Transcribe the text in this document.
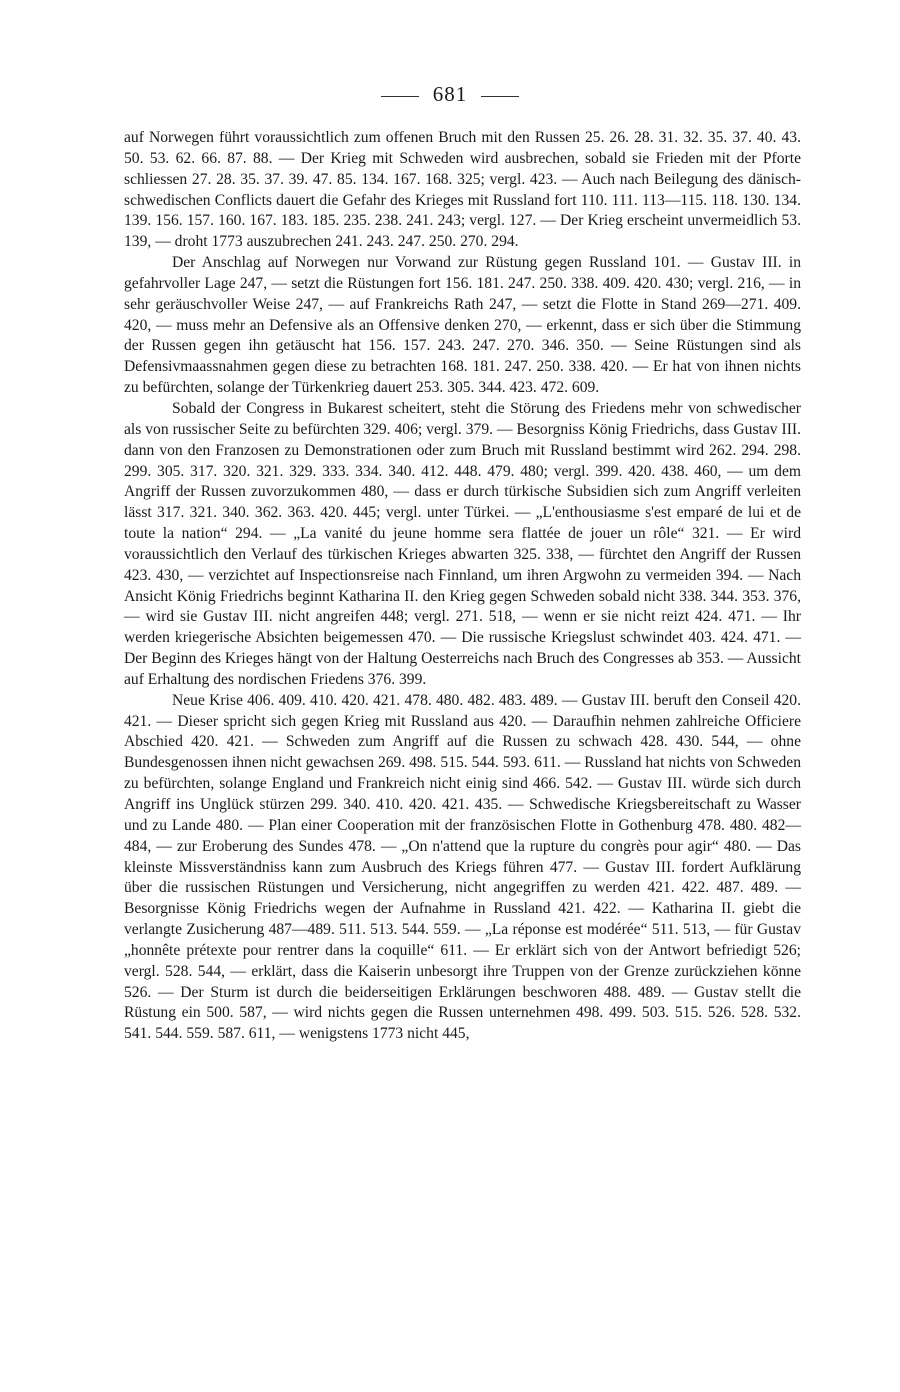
681

auf Norwegen führt voraussichtlich zum offenen Bruch mit den Russen 25. 26. 28. 31. 32. 35. 37. 40. 43. 50. 53. 62. 66. 87. 88. — Der Krieg mit Schweden wird ausbrechen, sobald sie Frieden mit der Pforte schliessen 27. 28. 35. 37. 39. 47. 85. 134. 167. 168. 325; vergl. 423. — Auch nach Beilegung des dänisch-schwedischen Conflicts dauert die Gefahr des Krieges mit Russland fort 110. 111. 113—115. 118. 130. 134. 139. 156. 157. 160. 167. 183. 185. 235. 238. 241. 243; vergl. 127. — Der Krieg erscheint unvermeidlich 53. 139, — droht 1773 auszubrechen 241. 243. 247. 250. 270. 294.

Der Anschlag auf Norwegen nur Vorwand zur Rüstung gegen Russland 101. — Gustav III. in gefahrvoller Lage 247, — setzt die Rüstungen fort 156. 181. 247. 250. 338. 409. 420. 430; vergl. 216, — in sehr geräuschvoller Weise 247, — auf Frankreichs Rath 247, — setzt die Flotte in Stand 269—271. 409. 420, — muss mehr an Defensive als an Offensive denken 270, — erkennt, dass er sich über die Stimmung der Russen gegen ihn getäuscht hat 156. 157. 243. 247. 270. 346. 350. — Seine Rüstungen sind als Defensivmaassnahmen gegen diese zu betrachten 168. 181. 247. 250. 338. 420. — Er hat von ihnen nichts zu befürchten, solange der Türkenkrieg dauert 253. 305. 344. 423. 472. 609.

Sobald der Congress in Bukarest scheitert, steht die Störung des Friedens mehr von schwedischer als von russischer Seite zu befürchten 329. 406; vergl. 379. — Besorgniss König Friedrichs, dass Gustav III. dann von den Franzosen zu Demonstrationen oder zum Bruch mit Russland bestimmt wird 262. 294. 298. 299. 305. 317. 320. 321. 329. 333. 334. 340. 412. 448. 479. 480; vergl. 399. 420. 438. 460, — um dem Angriff der Russen zuvorzukommen 480, — dass er durch türkische Subsidien sich zum Angriff verleiten lässt 317. 321. 340. 362. 363. 420. 445; vergl. unter Türkei. — „L'enthousiasme s'est emparé de lui et de toute la nation“ 294. — „La vanité du jeune homme sera flattée de jouer un rôle“ 321. — Er wird voraussichtlich den Verlauf des türkischen Krieges abwarten 325. 338, — fürchtet den Angriff der Russen 423. 430, — verzichtet auf Inspectionsreise nach Finnland, um ihren Argwohn zu vermeiden 394. — Nach Ansicht König Friedrichs beginnt Katharina II. den Krieg gegen Schweden sobald nicht 338. 344. 353. 376, — wird sie Gustav III. nicht angreifen 448; vergl. 271. 518, — wenn er sie nicht reizt 424. 471. — Ihr werden kriegerische Absichten beigemessen 470. — Die russische Kriegslust schwindet 403. 424. 471. — Der Beginn des Krieges hängt von der Haltung Oesterreichs nach Bruch des Congresses ab 353. — Aussicht auf Erhaltung des nordischen Friedens 376. 399.

Neue Krise 406. 409. 410. 420. 421. 478. 480. 482. 483. 489. — Gustav III. beruft den Conseil 420. 421. — Dieser spricht sich gegen Krieg mit Russland aus 420. — Daraufhin nehmen zahlreiche Officiere Abschied 420. 421. — Schweden zum Angriff auf die Russen zu schwach 428. 430. 544, — ohne Bundesgenossen ihnen nicht gewachsen 269. 498. 515. 544. 593. 611. — Russland hat nichts von Schweden zu befürchten, solange England und Frankreich nicht einig sind 466. 542. — Gustav III. würde sich durch Angriff ins Unglück stürzen 299. 340. 410. 420. 421. 435. — Schwedische Kriegsbereitschaft zu Wasser und zu Lande 480. — Plan einer Cooperation mit der französischen Flotte in Gothenburg 478. 480. 482—484, — zur Eroberung des Sundes 478. — „On n'attend que la rupture du congrès pour agir“ 480. — Das kleinste Missverständniss kann zum Ausbruch des Kriegs führen 477. — Gustav III. fordert Aufklärung über die russischen Rüstungen und Versicherung, nicht angegriffen zu werden 421. 422. 487. 489. — Besorgnisse König Friedrichs wegen der Aufnahme in Russland 421. 422. — Katharina II. giebt die verlangte Zusicherung 487—489. 511. 513. 544. 559. — „La réponse est modérée“ 511. 513, — für Gustav „honnête prétexte pour rentrer dans la coquille“ 611. — Er erklärt sich von der Antwort befriedigt 526; vergl. 528. 544, — erklärt, dass die Kaiserin unbesorgt ihre Truppen von der Grenze zurückziehen könne 526. — Der Sturm ist durch die beiderseitigen Erklärungen beschworen 488. 489. — Gustav stellt die Rüstung ein 500. 587, — wird nichts gegen die Russen unternehmen 498. 499. 503. 515. 526. 528. 532. 541. 544. 559. 587. 611, — wenigstens 1773 nicht 445,
